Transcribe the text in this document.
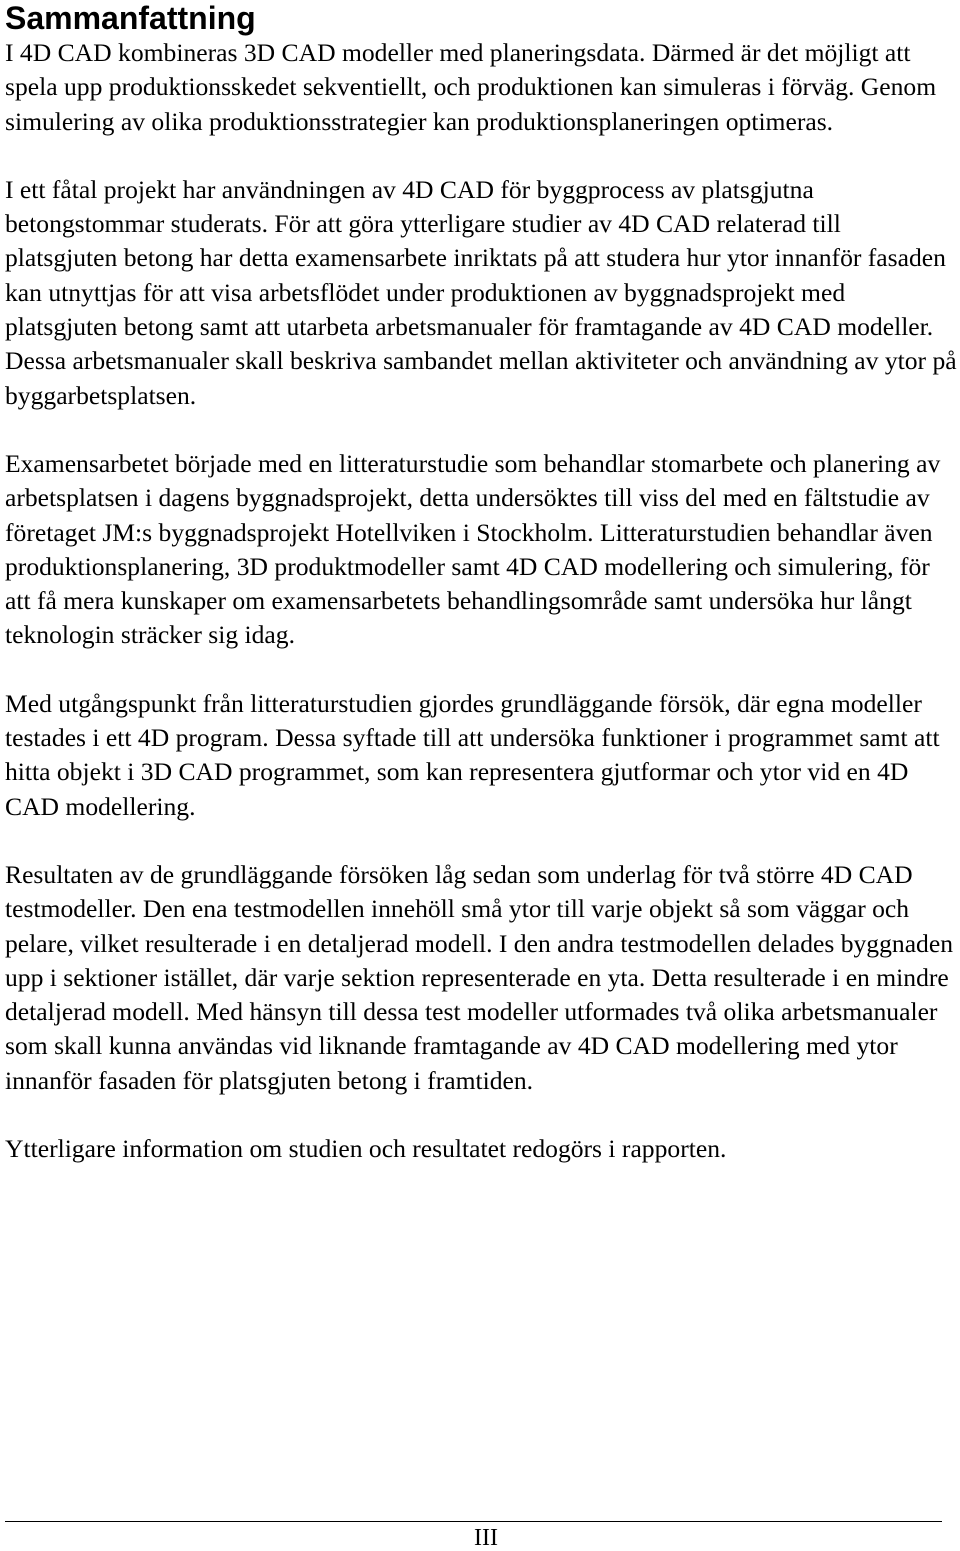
Sammanfattning

I 4D CAD kombineras 3D CAD modeller med planeringsdata. Därmed är det möjligt att spela upp produktionsskedet sekventiellt, och produktionen kan simuleras i förväg. Genom simulering av olika produktionsstrategier kan produktionsplaneringen optimeras.

I ett fåtal projekt har användningen av 4D CAD för byggprocess av platsgjutna betongstommar studerats. För att göra ytterligare studier av 4D CAD relaterad till platsgjuten betong har detta examensarbete inriktats på att studera hur ytor innanför fasaden kan utnyttjas för att visa arbetsflödet under produktionen av byggnadsprojekt med platsgjuten betong samt att utarbeta arbetsmanualer för framtagande av 4D CAD modeller. Dessa arbetsmanualer skall beskriva sambandet mellan aktiviteter och användning av ytor på byggarbetsplatsen.

Examensarbetet började med en litteraturstudie som behandlar stomarbete och planering av arbetsplatsen i dagens byggnadsprojekt, detta undersöktes till viss del med en fältstudie av företaget JM:s byggnadsprojekt Hotellviken i Stockholm. Litteraturstudien behandlar även produktionsplanering, 3D produktmodeller samt 4D CAD modellering och simulering, för att få mera kunskaper om examensarbetets behandlingsområde samt undersöka hur långt teknologin sträcker sig idag.

Med utgångspunkt från litteraturstudien gjordes grundläggande försök, där egna modeller testades i ett 4D program. Dessa syftade till att undersöka funktioner i programmet samt att hitta objekt i 3D CAD programmet, som kan representera gjutformar och ytor vid en 4D CAD modellering.

Resultaten av de grundläggande försöken låg sedan som underlag för två större 4D CAD testmodeller. Den ena testmodellen innehöll små ytor till varje objekt så som väggar och pelare, vilket resulterade i en detaljerad modell. I den andra testmodellen delades byggnaden upp i sektioner istället, där varje sektion representerade en yta. Detta resulterade i en mindre detaljerad modell. Med hänsyn till dessa test modeller utformades två olika arbetsmanualer som skall kunna användas vid liknande framtagande av 4D CAD modellering med ytor innanför fasaden för platsgjuten betong i framtiden.

Ytterligare information om studien och resultatet redogörs i rapporten.

III
